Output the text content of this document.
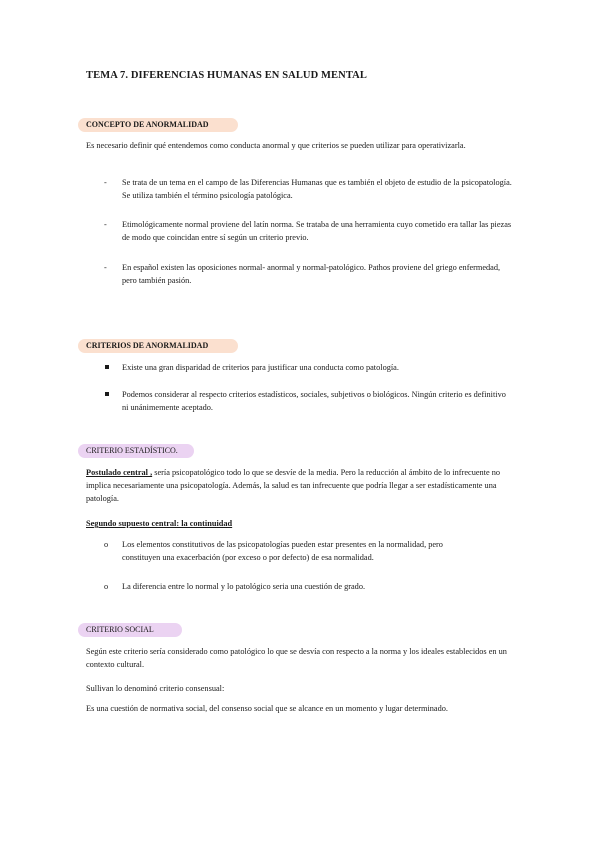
TEMA 7. DIFERENCIAS HUMANAS EN SALUD MENTAL
CONCEPTO DE ANORMALIDAD
Es necesario definir qué entendemos como conducta anormal y que criterios se pueden utilizar para operativizarla.
- Se trata de un tema en el campo de las Diferencias Humanas que es también el objeto de estudio de la psicopatología. Se utiliza también el término psicología patológica.
- Etimológicamente normal proviene del latín norma. Se trataba de una herramienta cuyo cometido era tallar las piezas de modo que coincidan entre sí según un criterio previo.
- En español existen las oposiciones normal- anormal y normal-patológico. Pathos proviene del griego enfermedad, pero también pasión.
CRITERIOS DE ANORMALIDAD
Existe una gran disparidad de criterios para justificar una conducta como patología.
Podemos considerar al respecto criterios estadísticos, sociales, subjetivos o biológicos. Ningún criterio es definitivo ni unánimemente aceptado.
CRITERIO ESTADÍSTICO.
Postulado central , sería psicopatológico todo lo que se desvíe de la media. Pero la reducción al ámbito de lo infrecuente no implica necesariamente una psicopatología. Además, la salud es tan infrecuente que podría llegar a ser estadísticamente una patología.
Segundo supuesto central: la continuidad
o Los elementos constitutivos de las psicopatologías pueden estar presentes en la normalidad, pero constituyen una exacerbación (por exceso o por defecto) de esa normalidad.
o La diferencia entre lo normal y lo patológico seria una cuestión de grado.
CRITERIO SOCIAL
Según este criterio sería considerado como patológico lo que se desvía con respecto a la norma y los ideales establecidos en un contexto cultural.
Sullivan lo denominó criterio consensual:
Es una cuestión de normativa social, del consenso social que se alcance en un momento y lugar determinado.
